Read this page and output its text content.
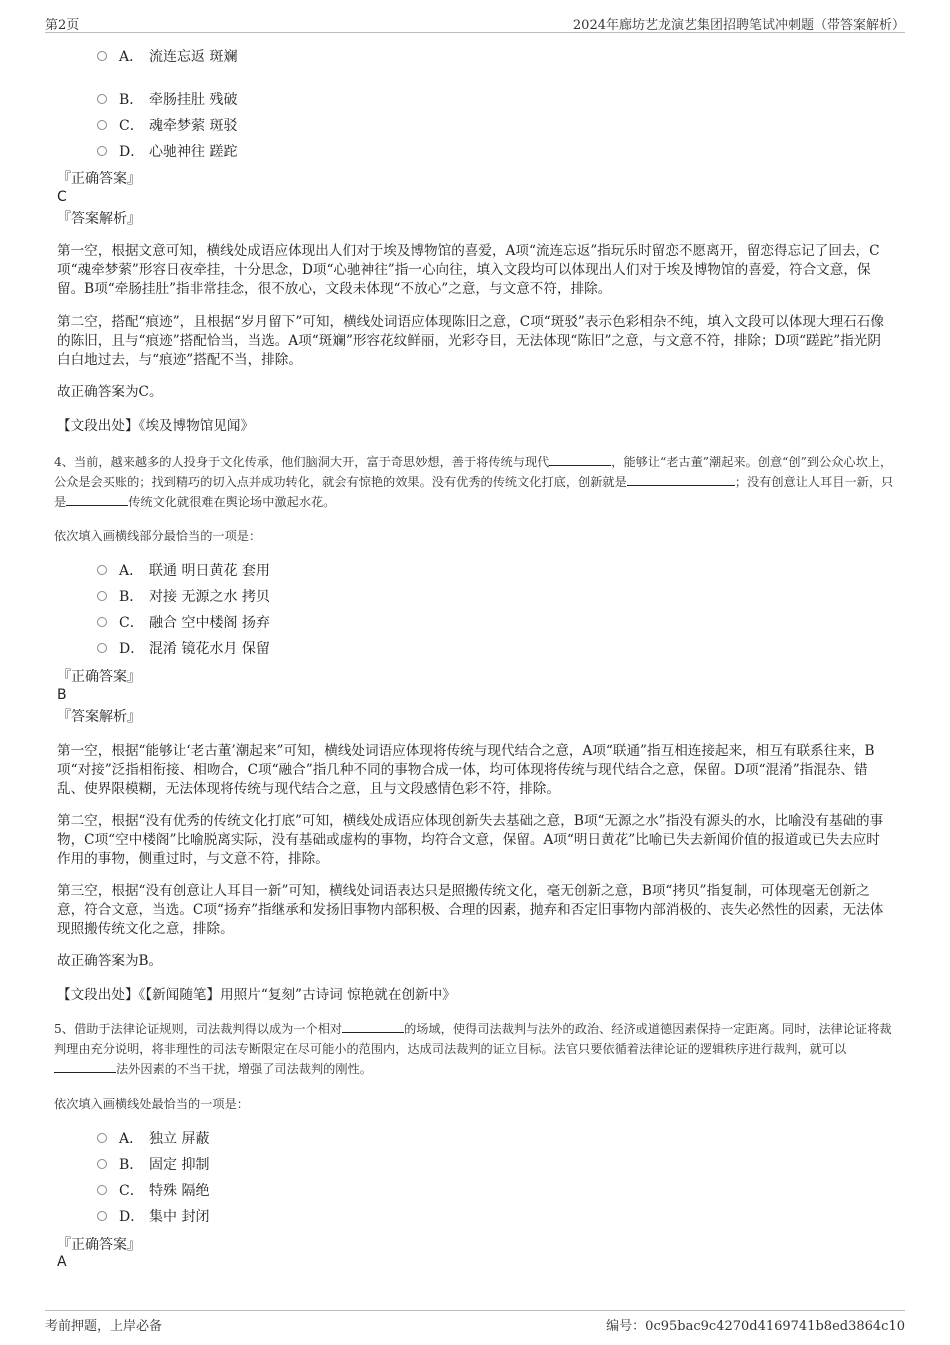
第2页	2024年廊坊艺龙演艺集团招聘笔试冲刺题（带答案解析）
A． 流连忘返 斑斓
B． 牵肠挂肚 残破
C． 魂牵梦萦 斑驳
D． 心驰神往 蹉跎
『正确答案』
C
『答案解析』
第一空，根据文意可知，横线处成语应体现出人们对于埃及博物馆的喜爱，A项“流连忘返”指玩乐时留恋不愿离开，留恋得忘记了回去，C项“魂牵梦萦”形容日夜牵挂，十分思念，D项“心驰神往”指一心向往，填入文段均可以体现出人们对于埃及博物馆的喜爱，符合文意，保留。B项“牵肠挂肚”指非常挂念，很不放心，文段未体现“不放心”之意，与文意不符，排除。
第二空，搭配“痕迹”，且根据“岁月留下”可知，横线处词语应体现陈旧之意，C项“斑驳”表示色彩相杂不纯，填入文段可以体现大理石石像的陈旧，且与“痕迹”搭配恰当，当选。A项“斑斓”形容花纹鲜丽，光彩夺目，无法体现“陈旧”之意，与文意不符，排除；D项“蹉跎”指光阴白白地过去，与“痕迹”搭配不当，排除。
故正确答案为C。
【文段出处】《埃及博物馆见闻》
4、当前，越来越多的人投身于文化传承，他们脑洞大开，富于奇思妙想，善于将传统与现代	，能够让“老古董”潮起来。创意“创”到公众心坎上，公众是会买账的；找到精巧的切入点并成功转化，就会有惊艳的效果。没有优秀的传统文化打底，创新就是	；没有创意让人耳目一新，只是	传统文化就很难在舆论场中激起水花。
依次填入画横线部分最恰当的一项是：
A． 联通 明日黄花 套用
B． 对接 无源之水 拷贝
C． 融合 空中楼阁 扬弃
D． 混淆 镜花水月 保留
『正确答案』
B
『答案解析』
第一空，根据“能够让‘老古董’潮起来”可知，横线处词语应体现将传统与现代结合之意，A项“联通”指互相连接起来，相互有联系往来，B项“对接”泛指相衔接、相吻合，C项“融合”指几种不同的事物合成一体，均可体现将传统与现代结合之意，保留。D项“混淆”指混杂、错乱、使界限模糊，无法体现将传统与现代结合之意，且与文段感情色彩不符，排除。
第二空，根据“没有优秀的传统文化打底”可知，横线处成语应体现创新失去基础之意，B项“无源之水”指没有源头的水，比喻没有基础的事物，C项“空中楼阁”比喻脱离实际，没有基础或虚构的事物，均符合文意，保留。A项“明日黄花”比喻已失去新闻价值的报道或已失去应时作用的事物，侧重过时，与文意不符，排除。
第三空，根据“没有创意让人耳目一新”可知，横线处词语表达只是照搬传统文化，毫无创新之意，B项“拷贝”指复制，可体现毫无创新之意，符合文意，当选。C项“扬弃”指继承和发扬旧事物内部积极、合理的因素，抛弃和否定旧事物内部消极的、丧失必然性的因素，无法体现照搬传统文化之意，排除。
故正确答案为B。
【文段出处】《【新闻随笔】用照片“复刻”古诗词 惊艳就在创新中》
5、借助于法律论证规则，司法裁判得以成为一个相对	的场域，使得司法裁判与法外的政治、经济或道德因素保持一定距离。同时，法律论证将裁判理由充分说明，将非理性的司法专断限定在尽可能小的范围内，达成司法裁判的证立目标。法官只要依循着法律论证的逻辑秩序进行裁判，就可以法外因素的不当干扰，增强了司法裁判的刚性。
依次填入画横线处最恰当的一项是：
A． 独立 屏蔽
B． 固定 抑制
C． 特殊 隔绝
D． 集中 封闭
『正确答案』
A
考前押题，上岸必备	编号：0c95bac9c4270d4169741b8ed3864c10
